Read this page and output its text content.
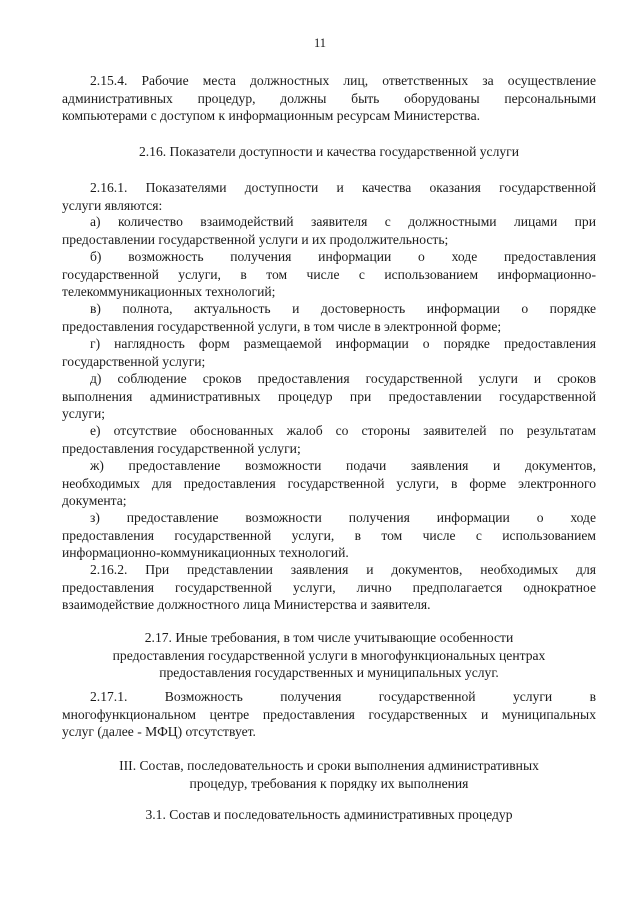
11
2.15.4. Рабочие места должностных лиц, ответственных за осуществление
административных процедур, должны быть оборудованы персональными
компьютерами с доступом к информационным ресурсам Министерства.
2.16. Показатели доступности и качества государственной услуги
2.16.1. Показателями доступности и качества оказания государственной
услуги являются:
а) количество взаимодействий заявителя с должностными лицами при
предоставлении государственной услуги и их продолжительность;
б) возможность получения информации о ходе предоставления
государственной услуги, в том числе с использованием информационно-
телекоммуникационных технологий;
в) полнота, актуальность и достоверность информации о порядке
предоставления государственной услуги, в том числе в электронной форме;
г) наглядность форм размещаемой информации о порядке предоставления
государственной услуги;
д) соблюдение сроков предоставления государственной услуги и сроков
выполнения административных процедур при предоставлении государственной
услуги;
е) отсутствие обоснованных жалоб со стороны заявителей по результатам
предоставления государственной услуги;
ж) предоставление возможности подачи заявления и документов,
необходимых для предоставления государственной услуги, в форме электронного
документа;
з) предоставление возможности получения информации о ходе
предоставления государственной услуги, в том числе с использованием
информационно-коммуникационных технологий.
2.16.2. При представлении заявления и документов, необходимых для
предоставления государственной услуги, лично предполагается однократное
взаимодействие должностного лица Министерства и заявителя.
2.17. Иные требования, в том числе учитывающие особенности
предоставления государственной услуги в многофункциональных центрах
предоставления государственных и муниципальных услуг.
2.17.1. Возможность получения государственной услуги в
многофункциональном центре предоставления государственных и муниципальных
услуг (далее - МФЦ) отсутствует.
III. Состав, последовательность и сроки выполнения административных
процедур, требования к порядку их выполнения
3.1. Состав и последовательность административных процедур
